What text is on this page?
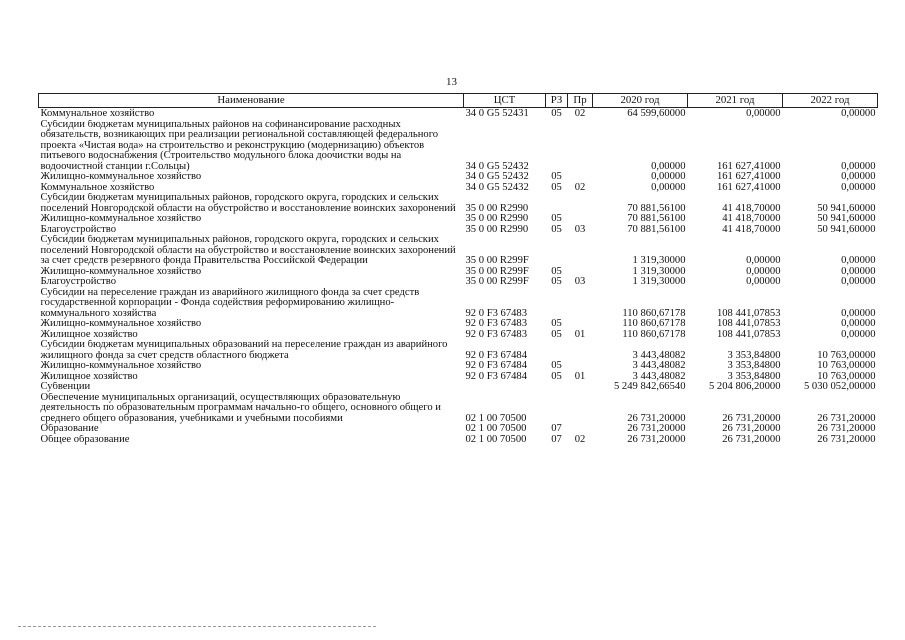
13
Наименование	ЦСТ	РЗ	Пр	2020 год	2021 год	2022 год
Коммунальное хозяйство	34 0 G5 52431	05	02	64 599,60000	0,00000	0,00000
Субсидии бюджетам муниципальных районов на софинансирование расходных обязательств, возникающих при реализации региональной составляющей федерального проекта «Чистая вода» на строительство и реконструкцию (модернизацию) объектов питьевого водоснабжения (Строительство модульного блока доочистки воды на водоочистной станции г.Сольцы)	34 0 G5 52432			0,00000	161 627,41000	0,00000
Жилищно-коммунальное хозяйство	34 0 G5 52432	05		0,00000	161 627,41000	0,00000
Коммунальное хозяйство	34 0 G5 52432	05	02	0,00000	161 627,41000	0,00000
Субсидии бюджетам муниципальных районов, городского округа, городских и сельских поселений Новгородской области на обустройство и восстановление воинских захоронений	35 0 00 R2990			70 881,56100	41 418,70000	50 941,60000
Жилищно-коммунальное хозяйство	35 0 00 R2990	05		70 881,56100	41 418,70000	50 941,60000
Благоустройство	35 0 00 R2990	05	03	70 881,56100	41 418,70000	50 941,60000
Субсидии бюджетам муниципальных районов, городского округа, городских и сельских поселений Новгородской области на обустройство и восстановление воинских захоронений за счет средств резервного фонда Правительства Российской Федерации	35 0 00 R299F			1 319,30000	0,00000	0,00000
Жилищно-коммунальное хозяйство	35 0 00 R299F	05		1 319,30000	0,00000	0,00000
Благоустройство	35 0 00 R299F	05	03	1 319,30000	0,00000	0,00000
Субсидии на переселение граждан из аварийного жилищного фонда за счет средств государственной корпорации - Фонда содействия реформированию жилищно-коммунального хозяйства	92 0 F3 67483			110 860,67178	108 441,07853	0,00000
Жилищно-коммунальное хозяйство	92 0 F3 67483	05		110 860,67178	108 441,07853	0,00000
Жилищное хозяйство	92 0 F3 67483	05	01	110 860,67178	108 441,07853	0,00000
Субсидии бюджетам муниципальных образований на переселение граждан из аварийного жилищного фонда за счет средств областного бюджета	92 0 F3 67484			3 443,48082	3 353,84800	10 763,00000
Жилищно-коммунальное хозяйство	92 0 F3 67484	05		3 443,48082	3 353,84800	10 763,00000
Жилищное хозяйство	92 0 F3 67484	05	01	3 443,48082	3 353,84800	10 763,00000
Субвенции				5 249 842,66540	5 204 806,20000	5 030 052,00000
Обеспечение муниципальных организаций, осуществляющих образовательную деятельность по образовательным программам начально-го общего, основного общего и среднего общего образования, учебниками и учебными пособиями	02 1 00 70500			26 731,20000	26 731,20000	26 731,20000
Образование	02 1 00 70500	07		26 731,20000	26 731,20000	26 731,20000
Общее образование	02 1 00 70500	07	02	26 731,20000	26 731,20000	26 731,20000
